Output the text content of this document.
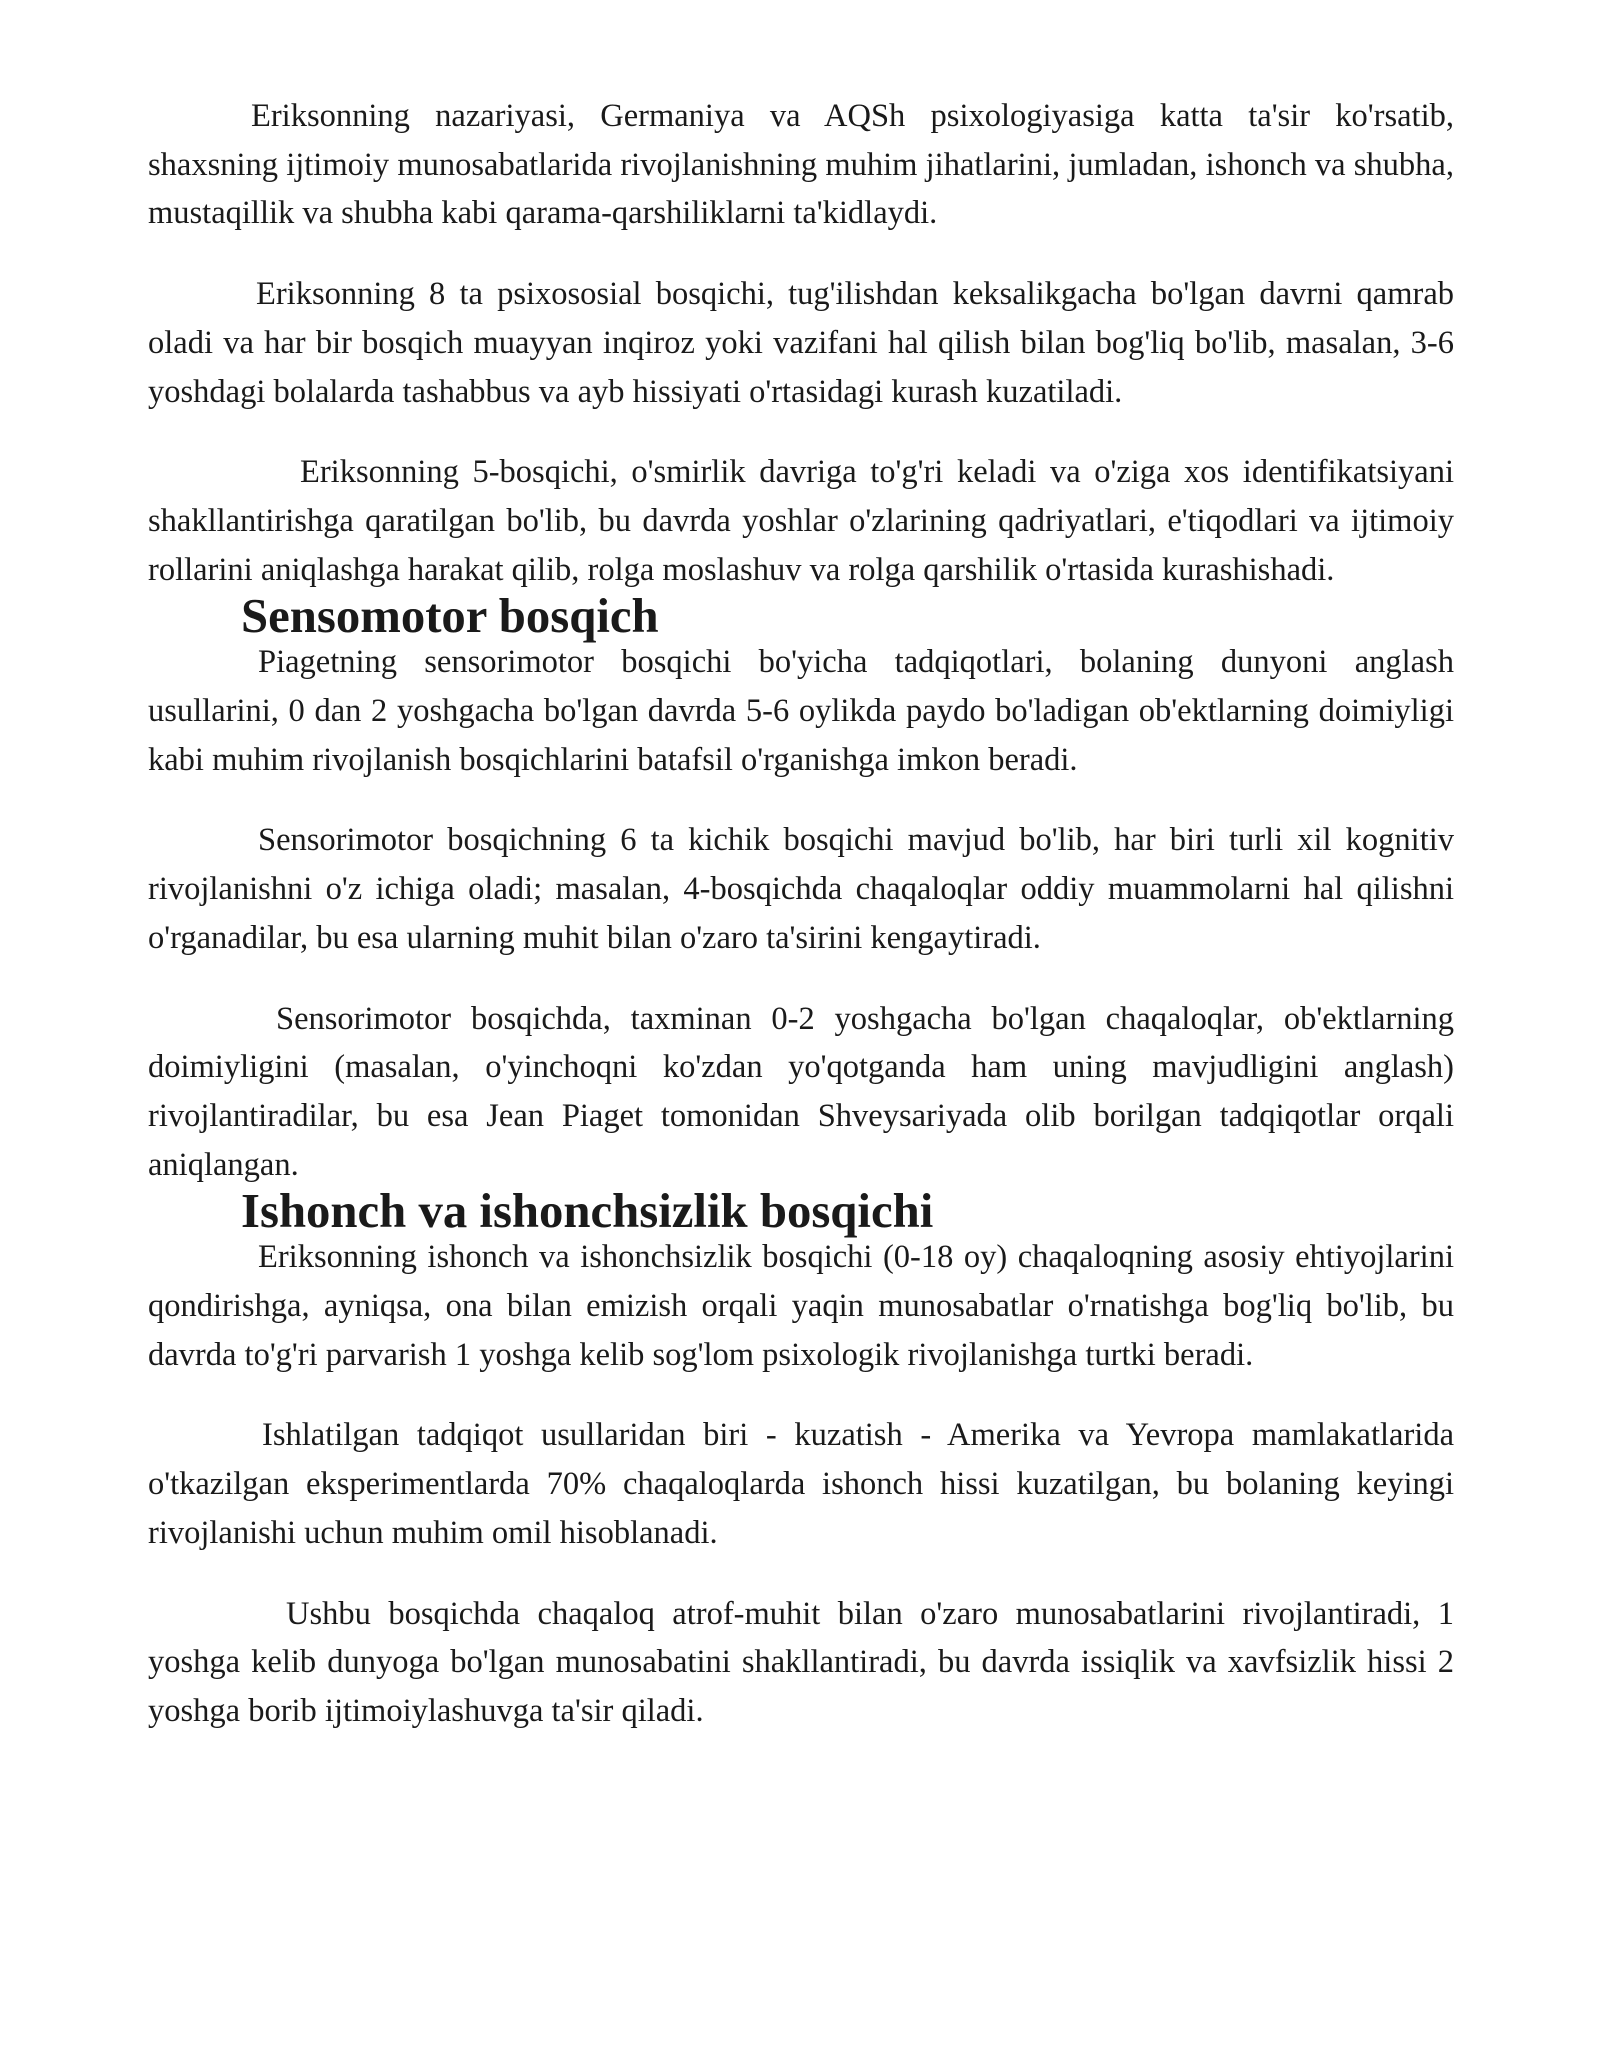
Eriksonning nazariyasi, Germaniya va AQSh psixologiyasiga katta ta'sir ko'rsatib, shaxsning ijtimoiy munosabatlarida rivojlanishning muhim jihatlarini, jumladan, ishonch va shubha, mustaqillik va shubha kabi qarama-qarshiliklarni ta'kidlaydi.

Eriksonning 8 ta psixososial bosqichi, tug'ilishdan keksalikgacha bo'lgan davrni qamrab oladi va har bir bosqich muayyan inqiroz yoki vazifani hal qilish bilan bog'liq bo'lib, masalan, 3-6 yoshdagi bolalarda tashabbus va ayb hissiyati o'rtasidagi kurash kuzatiladi.

Eriksonning 5-bosqichi, o'smirlik davriga to'g'ri keladi va o'ziga xos identifikatsiyani shakllantirishga qaratilgan bo'lib, bu davrda yoshlar o'zlarining qadriyatlari, e'tiqodlari va ijtimoiy rollarini aniqlashga harakat qilib, rolga moslashuv va rolga qarshilik o'rtasida kurashishadi.

Sensomotor bosqich

Piagetning sensorimotor bosqichi bo'yicha tadqiqotlari, bolaning dunyoni anglash usullarini, 0 dan 2 yoshgacha bo'lgan davrda 5-6 oylikda paydo bo'ladigan ob'ektlarning doimiyligi kabi muhim rivojlanish bosqichlarini batafsil o'rganishga imkon beradi.

Sensorimotor bosqichning 6 ta kichik bosqichi mavjud bo'lib, har biri turli xil kognitiv rivojlanishni o'z ichiga oladi; masalan, 4-bosqichda chaqaloqlar oddiy muammolarni hal qilishni o'rganadilar, bu esa ularning muhit bilan o'zaro ta'sirini kengaytiradi.

Sensorimotor bosqichda, taxminan 0-2 yoshgacha bo'lgan chaqaloqlar, ob'ektlarning doimiyligini (masalan, o'yinchoqni ko'zdan yo'qotganda ham uning mavjudligini anglash) rivojlantiradilar, bu esa Jean Piaget tomonidan Shveysariyada olib borilgan tadqiqotlar orqali aniqlangan.

Ishonch va ishonchsizlik bosqichi

Eriksonning ishonch va ishonchsizlik bosqichi (0-18 oy) chaqaloqning asosiy ehtiyojlarini qondirishga, ayniqsa, ona bilan emizish orqali yaqin munosabatlar o'rnatishga bog'liq bo'lib, bu davrda to'g'ri parvarish 1 yoshga kelib sog'lom psixologik rivojlanishga turtki beradi.

Ishlatilgan tadqiqot usullaridan biri - kuzatish - Amerika va Yevropa mamlakatlarida o'tkazilgan eksperimentlarda 70% chaqaloqlarda ishonch hissi kuzatilgan, bu bolaning keyingi rivojlanishi uchun muhim omil hisoblanadi.

Ushbu bosqichda chaqaloq atrof-muhit bilan o'zaro munosabatlarini rivojlantiradi, 1 yoshga kelib dunyoga bo'lgan munosabatini shakllantiradi, bu davrda issiqlik va xavfsizlik hissi 2 yoshga borib ijtimoiylashuvga ta'sir qiladi.
